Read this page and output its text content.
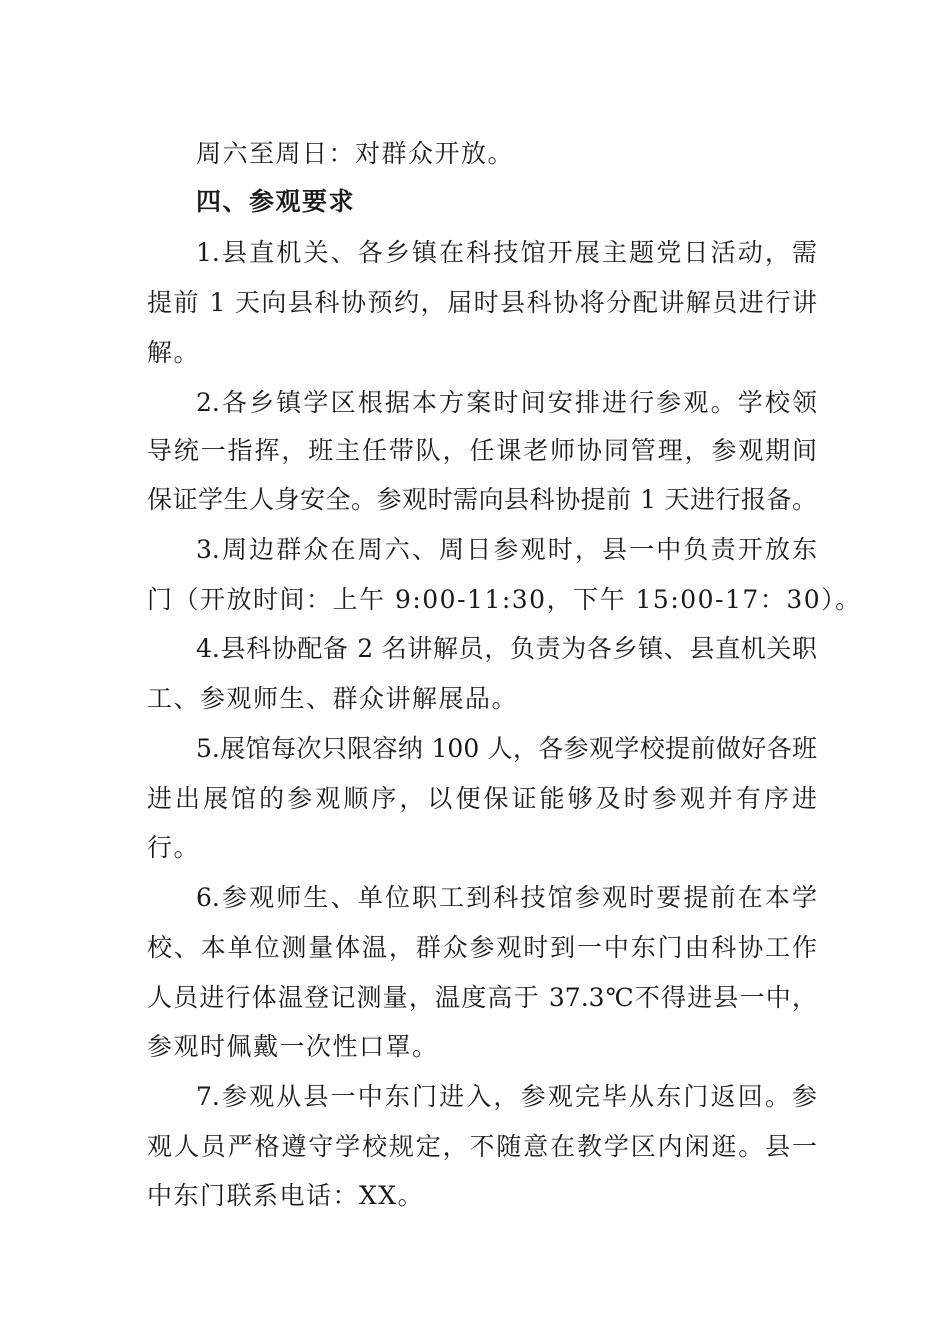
周六至周日：对群众开放。
四、参观要求
1.县直机关、各乡镇在科技馆开展主题党日活动，需
提前 1 天向县科协预约，届时县科协将分配讲解员进行讲
解。
2.各乡镇学区根据本方案时间安排进行参观。学校领
导统一指挥，班主任带队，任课老师协同管理，参观期间
保证学生人身安全。参观时需向县科协提前 1 天进行报备。
3.周边群众在周六、周日参观时，县一中负责开放东
门（开放时间：上午 9:00-11:30，下午 15:00-17：30）。
4.县科协配备 2 名讲解员，负责为各乡镇、县直机关职
工、参观师生、群众讲解展品。
5.展馆每次只限容纳 100 人，各参观学校提前做好各班
进出展馆的参观顺序，以便保证能够及时参观并有序进
行。
6.参观师生、单位职工到科技馆参观时要提前在本学
校、本单位测量体温，群众参观时到一中东门由科协工作
人员进行体温登记测量，温度高于 37.3℃不得进县一中，
参观时佩戴一次性口罩。
7.参观从县一中东门进入，参观完毕从东门返回。参
观人员严格遵守学校规定，不随意在教学区内闲逛。县一
中东门联系电话：XX。
